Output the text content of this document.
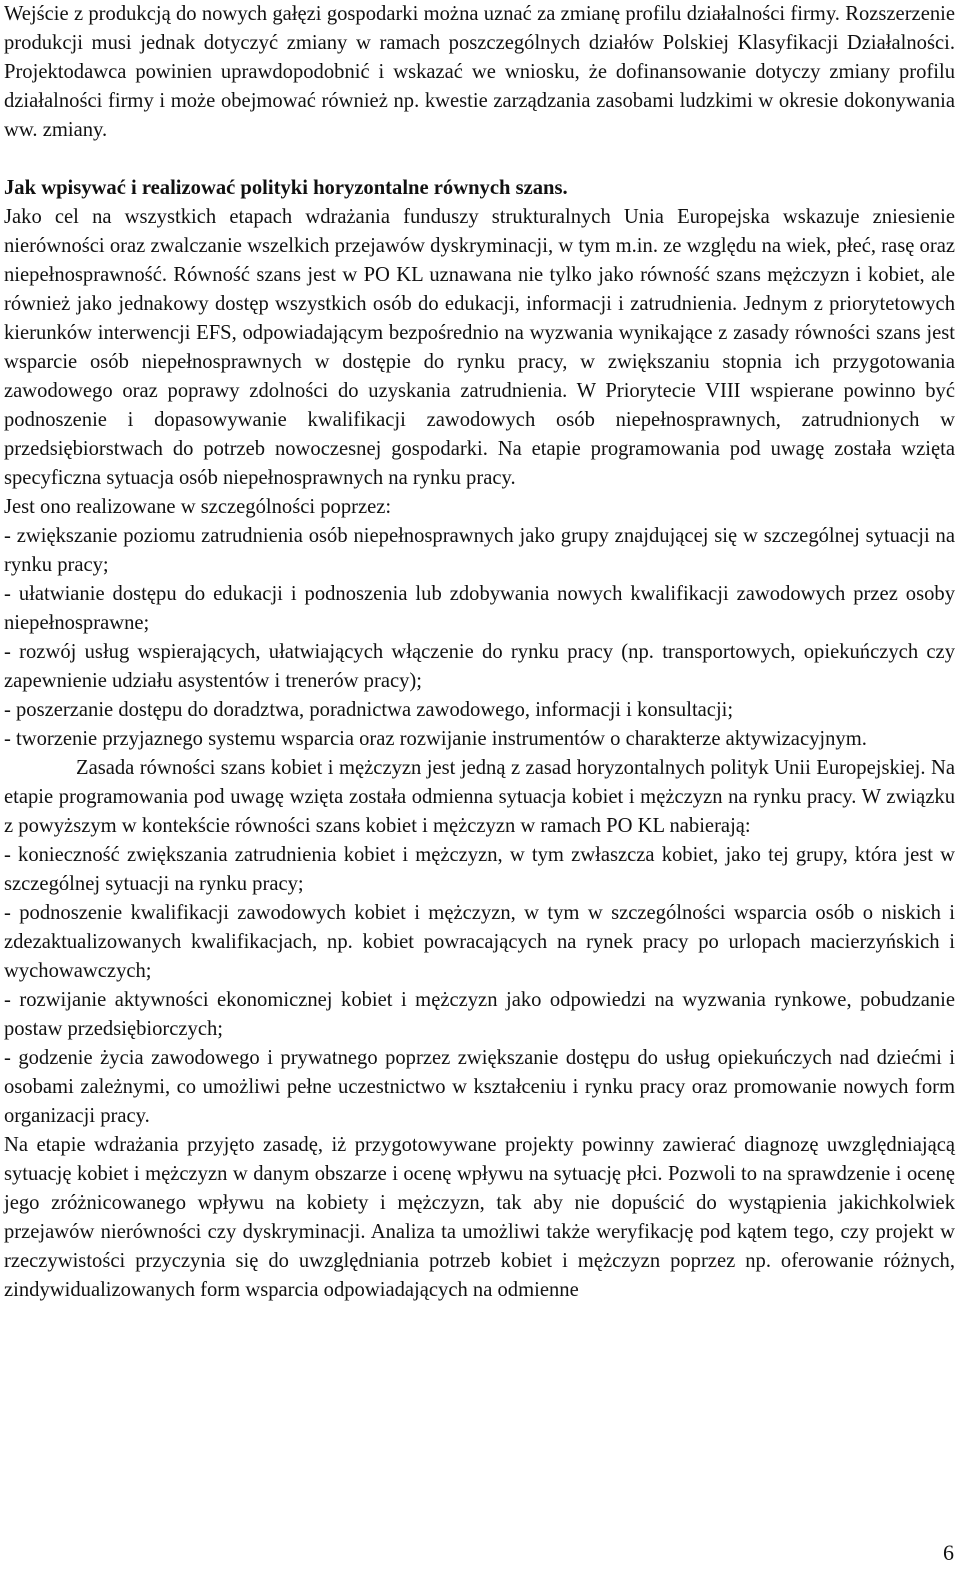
Wejście z produkcją do nowych gałęzi gospodarki można uznać za zmianę profilu działalności firmy. Rozszerzenie produkcji musi jednak dotyczyć zmiany w ramach poszczególnych działów Polskiej Klasyfikacji Działalności. Projektodawca powinien uprawdopodobnić i wskazać we wniosku, że dofinansowanie dotyczy zmiany profilu działalności firmy i może obejmować również np. kwestie zarządzania zasobami ludzkimi w okresie dokonywania ww. zmiany.

Jak wpisywać i realizować polityki horyzontalne równych szans.

Jako cel na wszystkich etapach wdrażania funduszy strukturalnych Unia Europejska wskazuje zniesienie nierówności oraz zwalczanie wszelkich przejawów dyskryminacji, w tym m.in. ze względu na wiek, płeć, rasę oraz niepełnosprawność. Równość szans jest w PO KL uznawana nie tylko jako równość szans mężczyzn i kobiet, ale również jako jednakowy dostęp wszystkich osób do edukacji, informacji i zatrudnienia. Jednym z priorytetowych kierunków interwencji EFS, odpowiadającym bezpośrednio na wyzwania wynikające z zasady równości szans jest wsparcie osób niepełnosprawnych w dostępie do rynku pracy, w zwiększaniu stopnia ich przygotowania zawodowego oraz poprawy zdolności do uzyskania zatrudnienia. W Priorytecie VIII wspierane powinno być podnoszenie i dopasowywanie kwalifikacji zawodowych osób niepełnosprawnych, zatrudnionych w przedsiębiorstwach do potrzeb nowoczesnej gospodarki. Na etapie programowania pod uwagę została wzięta specyficzna sytuacja osób niepełnosprawnych na rynku pracy.

Jest ono realizowane w szczególności poprzez:

- zwiększanie poziomu zatrudnienia osób niepełnosprawnych jako grupy znajdującej się w szczególnej sytuacji na rynku pracy;

- ułatwianie dostępu do edukacji i podnoszenia lub zdobywania nowych kwalifikacji zawodowych przez osoby niepełnosprawne;

- rozwój usług wspierających, ułatwiających włączenie do rynku pracy (np. transportowych, opiekuńczych czy zapewnienie udziału asystentów i trenerów pracy);

- poszerzanie dostępu do doradztwa, poradnictwa zawodowego, informacji i konsultacji;

- tworzenie przyjaznego systemu wsparcia oraz rozwijanie instrumentów o charakterze aktywizacyjnym.

Zasada równości szans kobiet i mężczyzn jest jedną z zasad horyzontalnych polityk Unii Europejskiej. Na etapie programowania pod uwagę wzięta została odmienna sytuacja kobiet i mężczyzn na rynku pracy. W związku z powyższym w kontekście równości szans kobiet i mężczyzn w ramach PO KL nabierają:

- konieczność zwiększania zatrudnienia kobiet i mężczyzn, w tym zwłaszcza kobiet, jako tej grupy, która jest w szczególnej sytuacji na rynku pracy;

- podnoszenie kwalifikacji zawodowych kobiet i mężczyzn, w tym w szczególności wsparcia osób o niskich i zdezaktualizowanych kwalifikacjach, np. kobiet powracających na rynek pracy po urlopach macierzyńskich i wychowawczych;

- rozwijanie aktywności ekonomicznej kobiet i mężczyzn jako odpowiedzi na wyzwania rynkowe, pobudzanie postaw przedsiębiorczych;

- godzenie życia zawodowego i prywatnego poprzez zwiększanie dostępu do usług opiekuńczych nad dziećmi i osobami zależnymi, co umożliwi pełne uczestnictwo w kształceniu i rynku pracy oraz promowanie nowych form organizacji pracy.

Na etapie wdrażania przyjęto zasadę, iż przygotowywane projekty powinny zawierać diagnozę uwzględniającą sytuację kobiet i mężczyzn w danym obszarze i ocenę wpływu na sytuację płci. Pozwoli to na sprawdzenie i ocenę jego zróżnicowanego wpływu na kobiety i mężczyzn, tak aby nie dopuścić do wystąpienia jakichkolwiek przejawów nierówności czy dyskryminacji. Analiza ta umożliwi także weryfikację pod kątem tego, czy projekt w rzeczywistości przyczynia się do uwzględniania potrzeb kobiet i mężczyzn poprzez np. oferowanie różnych, zindywidualizowanych form wsparcia odpowiadających na odmienne

6
